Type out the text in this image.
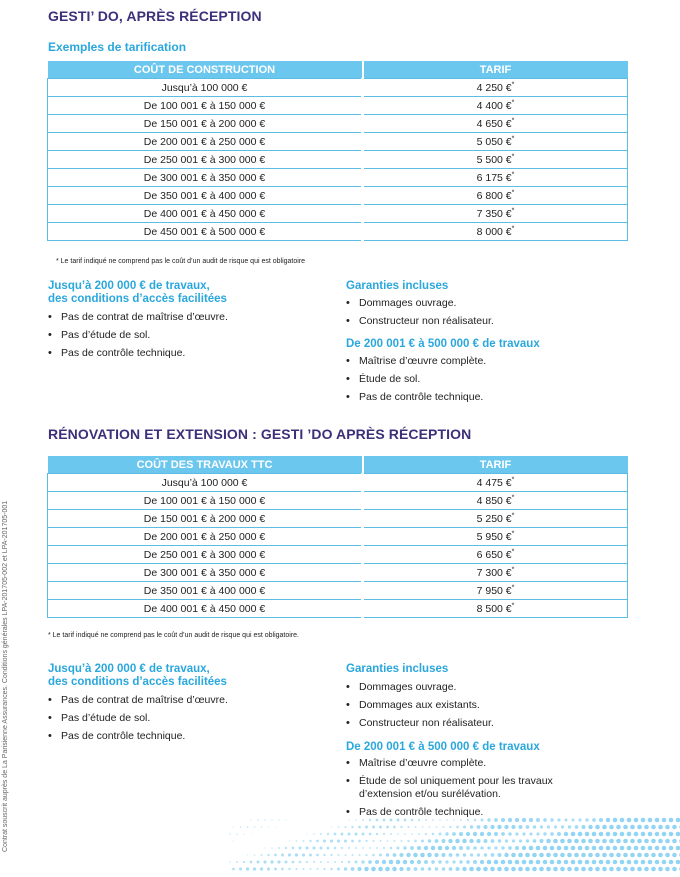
GESTI’ DO, APRÈS RÉCEPTION
Exemples de tarification
COÛT DE CONSTRUCTION	TARIF
Jusqu’à 100 000 €	4 250 €*
De 100 001 € à 150 000 €	4 400 €*
De 150 001 € à 200 000 €	4 650 €*
De 200 001 € à 250 000 €	5 050 €*
De 250 001 € à 300 000 €	5 500 €*
De 300 001 € à 350 000 €	6 175 €*
De 350 001 € à 400 000 €	6 800 €*
De 400 001 € à 450 000 €	7 350 €*
De 450 001 € à 500 000 €	8 000 €*
* Le tarif indiqué ne comprend pas le coût d’un audit de risque qui est obligatoire
Jusqu’à 200 000 € de travaux,
des conditions d’accès facilitées
• Pas de contrat de maîtrise d’œuvre.
• Pas d’étude de sol.
• Pas de contrôle technique.
Garanties incluses
• Dommages ouvrage.
• Constructeur non réalisateur.
De 200 001 € à 500 000 € de travaux
• Maîtrise d’œuvre complète.
• Étude de sol.
• Pas de contrôle technique.
RÉNOVATION ET EXTENSION : GESTI ’DO APRÈS RÉCEPTION
COÛT DES TRAVAUX TTC	TARIF
Jusqu’à 100 000 €	4 475 €*
De 100 001 € à 150 000 €	4 850 €*
De 150 001 € à 200 000 €	5 250 €*
De 200 001 € à 250 000 €	5 950 €*
De 250 001 € à 300 000 €	6 650 €*
De 300 001 € à 350 000 €	7 300 €*
De 350 001 € à 400 000 €	7 950 €*
De 400 001 € à 450 000 €	8 500 €*
* Le tarif indiqué ne comprend pas le coût d’un audit de risque qui est obligatoire.
Jusqu’à 200 000 € de travaux,
des conditions d’accès facilitées
• Pas de contrat de maîtrise d’œuvre.
• Pas d’étude de sol.
• Pas de contrôle technique.
Garanties incluses
• Dommages ouvrage.
• Dommages aux existants.
• Constructeur non réalisateur.
De 200 001 € à 500 000 € de travaux
• Maîtrise d’œuvre complète.
• Étude de sol uniquement pour les travaux d’extension et/ou surélévation.
• Pas de contrôle technique.
Contrat souscrit auprès de La Parisienne Assurances. Conditions générales LPA-201705-002 et LPA-201705-001
